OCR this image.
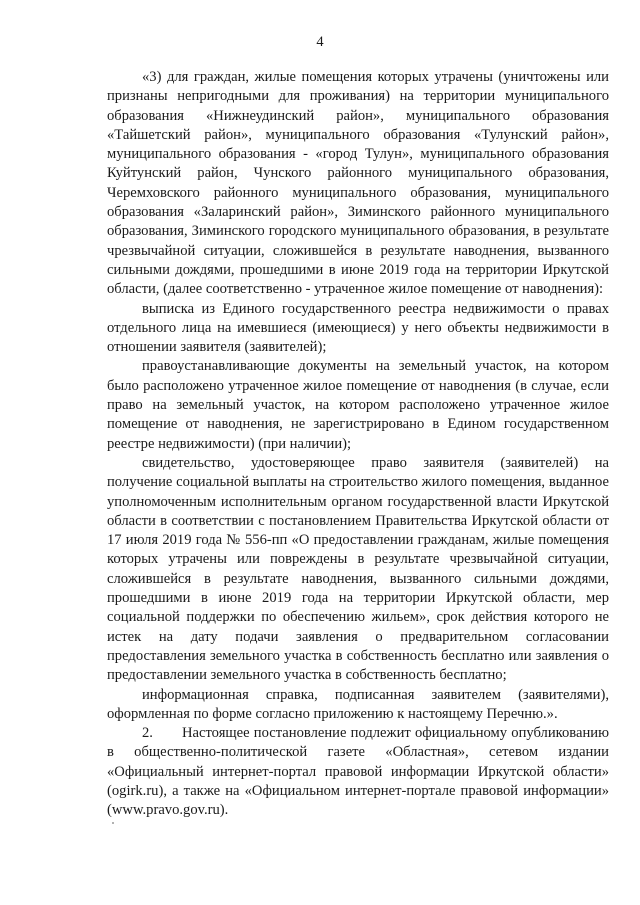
4

«3) для граждан, жилые помещения которых утрачены (уничтожены или признаны непригодными для проживания) на территории муниципального образования «Нижнеудинский район», муниципального образования «Тайшетский район», муниципального образования «Тулунский район», муниципального образования - «город Тулун», муниципального образования Куйтунский район, Чунского районного муниципального образования, Черемховского районного муниципального образования, муниципального образования «Заларинский район», Зиминского районного муниципального образования, Зиминского городского муниципального образования, в результате чрезвычайной ситуации, сложившейся в результате наводнения, вызванного сильными дождями, прошедшими в июне 2019 года на территории Иркутской области, (далее соответственно - утраченное жилое помещение от наводнения):

выписка из Единого государственного реестра недвижимости о правах отдельного лица на имевшиеся (имеющиеся) у него объекты недвижимости в отношении заявителя (заявителей);

правоустанавливающие документы на земельный участок, на котором было расположено утраченное жилое помещение от наводнения (в случае, если право на земельный участок, на котором расположено утраченное жилое помещение от наводнения, не зарегистрировано в Едином государственном реестре недвижимости) (при наличии);

свидетельство, удостоверяющее право заявителя (заявителей) на получение социальной выплаты на строительство жилого помещения, выданное уполномоченным исполнительным органом государственной власти Иркутской области в соответствии с постановлением Правительства Иркутской области от 17 июля 2019 года № 556-пп «О предоставлении гражданам, жилые помещения которых утрачены или повреждены в результате чрезвычайной ситуации, сложившейся в результате наводнения, вызванного сильными дождями, прошедшими в июне 2019 года на территории Иркутской области, мер социальной поддержки по обеспечению жильем», срок действия которого не истек на дату подачи заявления о предварительном согласовании предоставления земельного участка в собственность бесплатно или заявления о предоставлении земельного участка в собственность бесплатно;

информационная справка, подписанная заявителем (заявителями), оформленная по форме согласно приложению к настоящему Перечню.».

2. Настоящее постановление подлежит официальному опубликованию в общественно-политической газете «Областная», сетевом издании «Официальный интернет-портал правовой информации Иркутской области» (ogirk.ru), а также на «Официальном интернет-портале правовой информации» (www.pravo.gov.ru).
